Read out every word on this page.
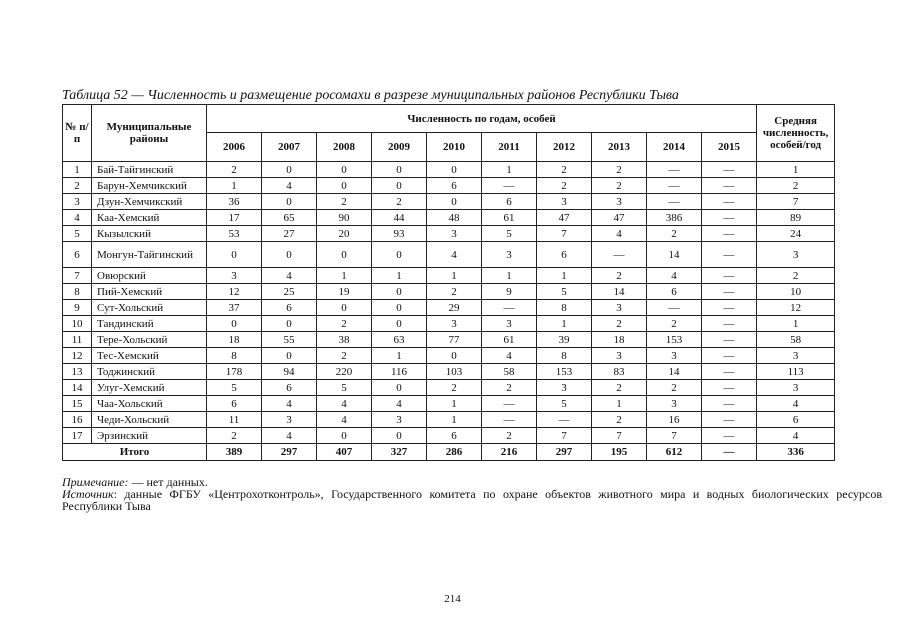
Таблица 52 — Численность и размещение росомахи в разрезе муниципальных районов Республики Тыва
№ п/п	Муниципальные районы	Численность по годам, особей										Средняя численность, особей/год
		2006	2007	2008	2009	2010	2011	2012	2013	2014	2015	
1	Бай-Тайгинский	2	0	0	0	0	1	2	2	—	—	1
2	Барун-Хемчикский	1	4	0	0	6	—	2	2	—	—	2
3	Дзун-Хемчикский	36	0	2	2	0	6	3	3	—	—	7
4	Каа-Хемский	17	65	90	44	48	61	47	47	386	—	89
5	Кызылский	53	27	20	93	3	5	7	4	2	—	24
6	Монгун-Тайгинский	0	0	0	0	4	3	6	—	14	—	3
7	Овюрский	3	4	1	1	1	1	1	2	4	—	2
8	Пий-Хемский	12	25	19	0	2	9	5	14	6	—	10
9	Сут-Хольский	37	6	0	0	29	—	8	3	—	—	12
10	Тандинский	0	0	2	0	3	3	1	2	2	—	1
11	Тере-Хольский	18	55	38	63	77	61	39	18	153	—	58
12	Тес-Хемский	8	0	2	1	0	4	8	3	3	—	3
13	Тоджинский	178	94	220	116	103	58	153	83	14	—	113
14	Улуг-Хемский	5	6	5	0	2	2	3	2	2	—	3
15	Чаа-Хольский	6	4	4	4	1	—	5	1	3	—	4
16	Чеди-Хольский	11	3	4	3	1	—	—	2	16	—	6
17	Эрзинский	2	4	0	0	6	2	7	7	7	—	4
Итого		389	297	407	327	286	216	297	195	612	—	336

Примечание: — нет данных.

Источник: данные ФГБУ «Центрохотконтроль», Государственного комитета по охране объектов животного мира и водных биологических ресурсов Республики Тыва

214
